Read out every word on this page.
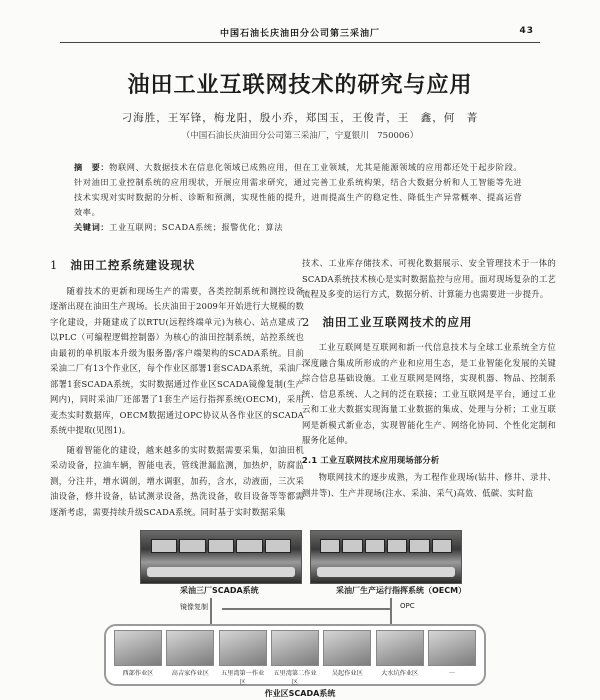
中国石油长庆油田分公司第三采油厂	43
油田工业互联网技术的研究与应用
刁海胜，王军锋，梅龙阳，殷小乔，郑国玉，王俊青，王　鑫，何　菁
（中国石油长庆油田分公司第三采油厂，宁夏银川　750006）
摘　要：物联网、大数据技术在信息化领域已成熟应用，但在工业领域，尤其是能源领域的应用都还处于起步阶段。针对油田工业控制系统的应用现状，开展应用需求研究，通过完善工业系统构架，结合大数据分析和人工智能等先进技术实现对实时数据的分析、诊断和预测，实现性能的提升，进而提高生产的稳定性、降低生产异常概率、提高运营效率。
关键词：工业互联网；SCADA系统；报警优化；算法
1 油田工控系统建设现状

随着技术的更新和现场生产的需要，各类控制系统和测控设备逐渐出现在油田生产现场。长庆油田于2009年开始进行大规模的数字化建设，并随建成了以RTU(远程终端单元)为核心、站点建成了以PLC（可编程逻辑控制器）为核心的油田控制系统，站控系统也由最初的单机版本升级为服务器/客户端架构的SCADA系统。目前采油二厂有13个作业区，每个作业区部署1套SCADA系统，采油厂部署1套SCADA系统，实时数据通过作业区SCADA镜像复制(生产网内)，同时采油厂还部署了1套生产运行指挥系统(OECM)，采用麦杰实时数据库，OECM数据通过OPC协议从各作业区的SCADA系统中提取(见图1)。

随着智能化的建设，越来越多的实时数据需要采集，如油田机采动设备，拉油车辆，智能电表，管线泄漏监测，加热炉，防腐监测，分注井，增水调剖，增水调驱，加药，含水，动液面，三次采油设备，修井设备，钻试测录设备，热洗设备，收目设备等等都需逐渐考虑，需要持续升级SCADA系统。同时基于实时数据采集

技术、工业库存储技术、可视化数据展示、安全管理技术于一体的SCADA系统技术核心是实时数据监控与应用。面对现场复杂的工艺流程及多变的运行方式，数据分析、计算能力也需要进一步提升。

2 油田工业互联网技术的应用

工业互联网是互联网和新一代信息技术与全球工业系统全方位深度融合集成所形成的产业和应用生态，是工业智能化发展的关键综合信息基础设施。工业互联网是网络，实现机器、物品、控制系统、信息系统、人之间的泛在联接；工业互联网是平台，通过工业云和工业大数据实现海量工业数据的集成、处理与分析；工业互联网是新模式新业态，实现智能化生产、网络化协同、个性化定制和服务化延伸。

2.1 工业互联网技术应用现场部分析

物联网技术的逐步成熟，为工程作业现场(钻井、修井、录井、测井等)、生产井现场(注水、采油、采气)高效、低碳、实时监

采油三厂SCADA系统	采油厂生产运行指挥系统（OECM）
镜像复制	OPC
西部作业区	高吉家作业区	五里湾第一作业区
五里湾第二作业区
吴起作业区	大水坑作业区	...
作业区SCADA系统
